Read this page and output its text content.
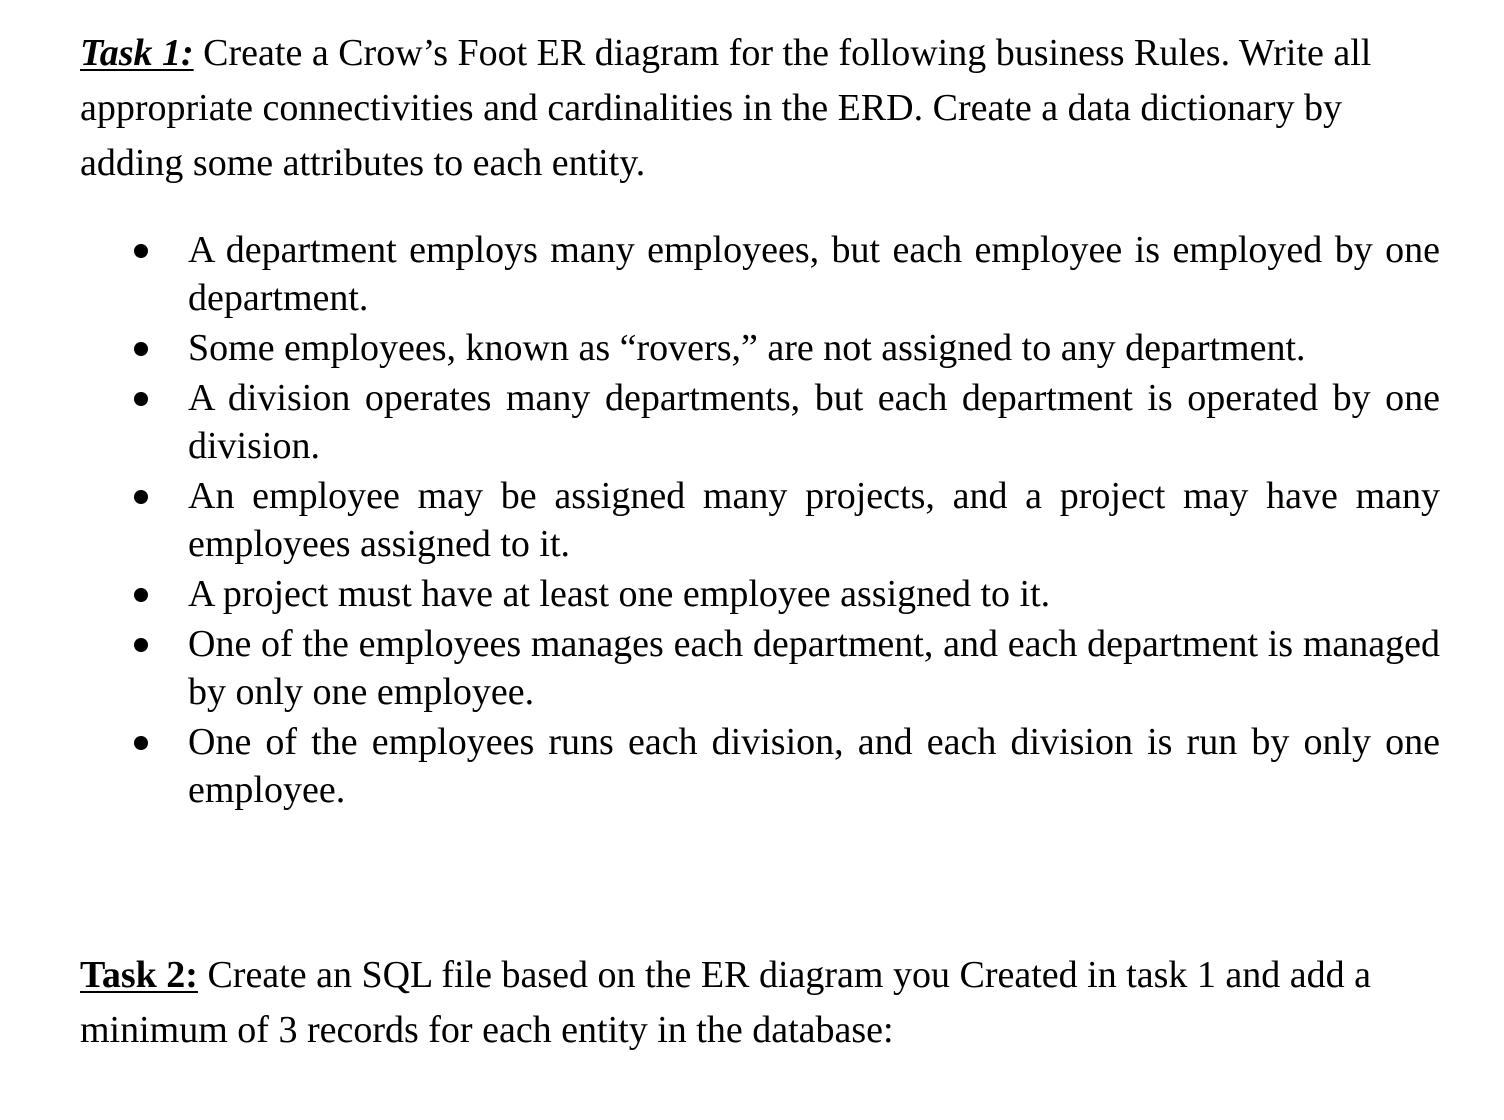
Task 1: Create a Crow’s Foot ER diagram for the following business Rules. Write all appropriate connectivities and cardinalities in the ERD. Create a data dictionary by adding some attributes to each entity.

A department employs many employees, but each employee is employed by one department.
Some employees, known as “rovers,” are not assigned to any department.
A division operates many departments, but each department is operated by one division.
An employee may be assigned many projects, and a project may have many employees assigned to it.
A project must have at least one employee assigned to it.
One of the employees manages each department, and each department is managed by only one employee.
One of the employees runs each division, and each division is run by only one employee.

Task 2: Create an SQL file based on the ER diagram you Created in task 1 and add a minimum of 3 records for each entity in the database:
